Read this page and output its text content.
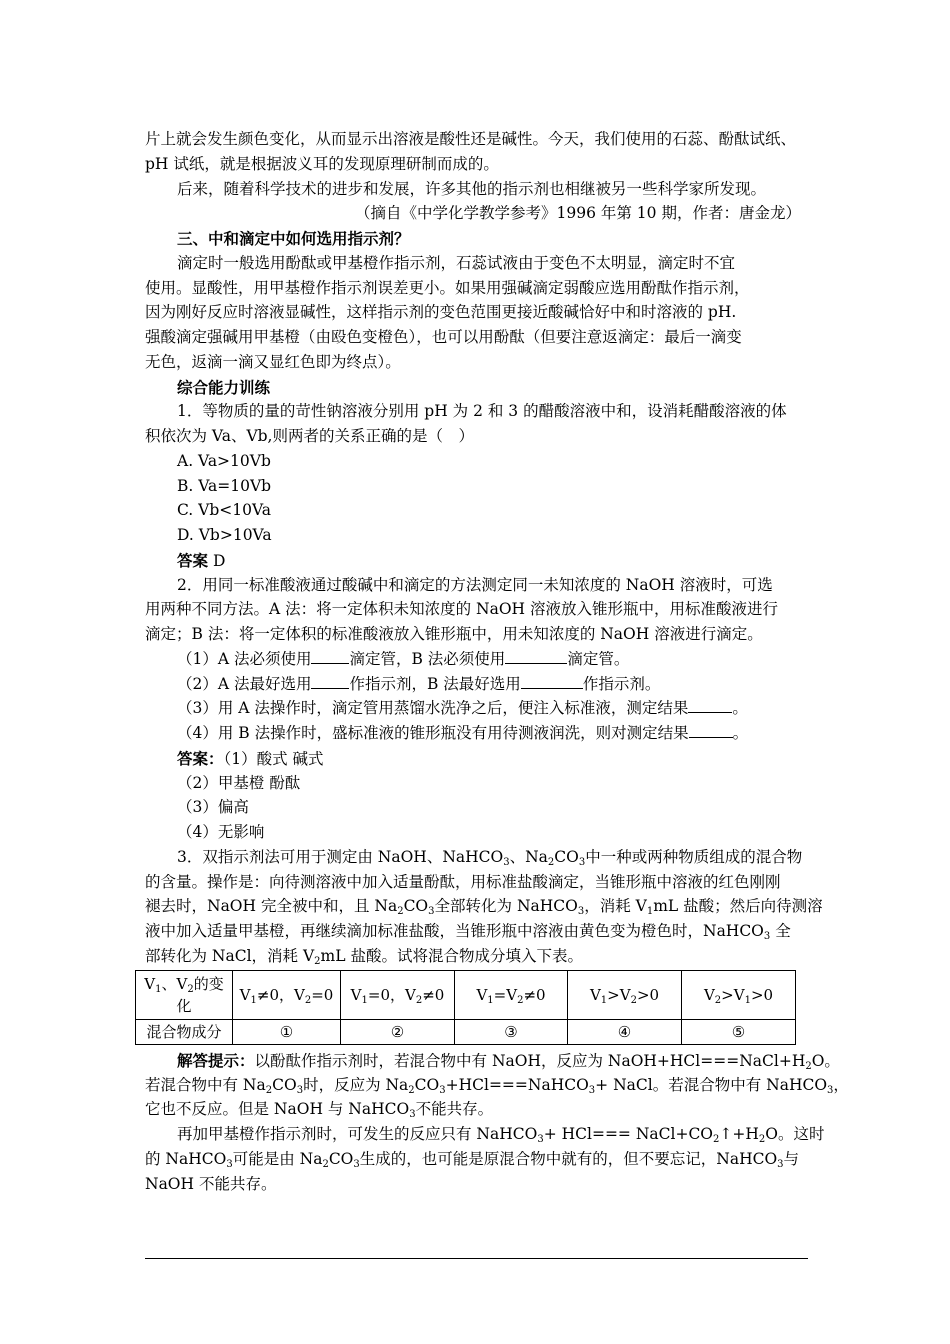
片上就会发生颜色变化，从而显示出溶液是酸性还是碱性。今天，我们使用的石蕊、酚酞试纸、
pH 试纸，就是根据波义耳的发现原理研制而成的。
后来，随着科学技术的进步和发展，许多其他的指示剂也相继被另一些科学家所发现。
（摘自《中学化学教学参考》1996 年第 10 期，作者：唐金龙）
三、中和滴定中如何选用指示剂？
滴定时一般选用酚酞或甲基橙作指示剂，石蕊试液由于变色不太明显，滴定时不宜
使用。显酸性，用甲基橙作指示剂误差更小。如果用强碱滴定弱酸应选用酚酞作指示剂，
因为刚好反应时溶液显碱性，这样指示剂的变色范围更接近酸碱恰好中和时溶液的 pH.
强酸滴定强碱用甲基橙（由殴色变橙色），也可以用酚酞（但要注意返滴定：最后一滴变
无色，返滴一滴又显红色即为终点）。
综合能力训练
1．等物质的量的苛性钠溶液分别用 pH 为 2 和 3 的醋酸溶液中和，设消耗醋酸溶液的体
积依次为 Va、Vb,则两者的关系正确的是（　）
A. Va>10Vb
B. Va=10Vb
C. Vb<10Va
D. Vb>10Va
答案 D
2．用同一标准酸液通过酸碱中和滴定的方法测定同一未知浓度的 NaOH 溶液时，可选
用两种不同方法。A 法：将一定体积未知浓度的 NaOH 溶液放入锥形瓶中，用标准酸液进行
滴定；B 法：将一定体积的标准酸液放入锥形瓶中，用未知浓度的 NaOH 溶液进行滴定。
（1）A 法必须使用 滴定管，B 法必须使用	滴定管。
（2）A 法最好选用 作指示剂，B 法最好选用	作指示剂。
（3）用 A 法操作时，滴定管用蒸馏水洗净之后，便注入标准液，测定结果	。
（4）用 B 法操作时，盛标准液的锥形瓶没有用待测液润洗，则对测定结果	。
答案：（1）酸式 碱式
（2）甲基橙 酚酞
（3）偏高
（4）无影响
3．双指示剂法可用于测定由 NaOH、NaHCO$_3$、$Na_2CO_3$中一种或两种物质组成的混合物
的含量。操作是：向待测溶液中加入适量酚酞，用标准盐酸滴定，当锥形瓶中溶液的红色刚刚
褪去时，NaOH 完全被中和，且 $Na_2CO_3$全部转化为 NaHCO$_3$，消耗 $V_1mL$ 盐酸；然后向待测溶
液中加入适量甲基橙，再继续滴加标准盐酸，当锥形瓶中溶液由黄色变为橙色时，NaHCO$_3$ 全
部转化为 NaCl，消耗 $V_2mL$ 盐酸。试将混合物成分填入下表。
$V_1$、$V_2$的变
化	$V_1\ne 0$，$V_2=0$	$V_1=0$，$V_2\ne 0$	$V_1=V_2\ne 0$	$V_1>V_2>0$	$V_2>V_1>0$
混合物成分	①	②	③	④	⑤
解答提示：以酚酞作指示剂时，若混合物中有 NaOH，反应为 $NaOH+HCl===NaCl+H_2O$。
若混合物中有 $Na_2CO_3$时，反应为 $Na_2CO_3+HCl===NaHCO_3+$ NaCl。若混合物中有 NaHCO$_3$，
它也不反应。但是 NaOH 与 NaHCO$_3$不能共存。
再加甲基橙作指示剂时，可发生的反应只有 NaHCO$_3$+ $HCl=== NaCl+CO_2↑+H_2O$。这时
的 NaHCO$_3$可能是由 $Na_2CO_3$生成的，也可能是原混合物中就有的，但不要忘记，NaHCO$_3$与
NaOH 不能共存。
